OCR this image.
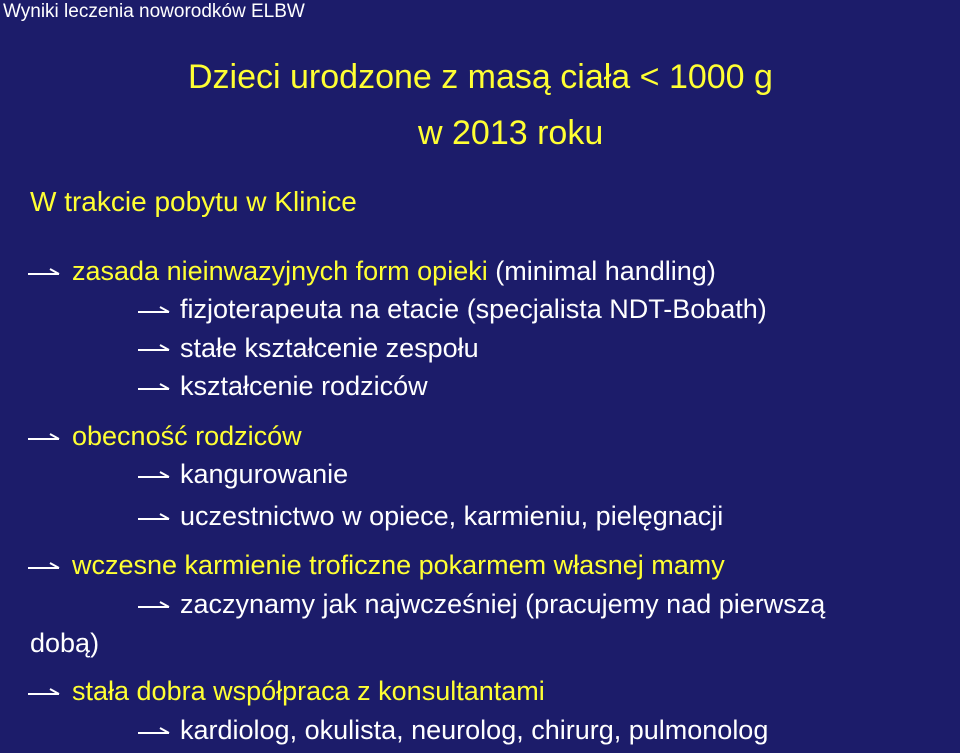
Wyniki leczenia noworodków ELBW
Dzieci urodzone z masą ciała < 1000 g
w 2013 roku
W trakcie pobytu w Klinice
zasada nieinwazyjnych form opieki (minimal handling)
fizjoterapeuta na etacie (specjalista NDT-Bobath)
stałe kształcenie zespołu
kształcenie rodziców
obecność rodziców
kangurowanie
uczestnictwo w opiece, karmieniu, pielęgnacji
wczesne karmienie troficzne pokarmem własnej mamy
zaczynamy jak najwcześniej (pracujemy nad pierwszą
dobą)
stała dobra współpraca z konsultantami
kardiolog, okulista, neurolog, chirurg, pulmonolog
